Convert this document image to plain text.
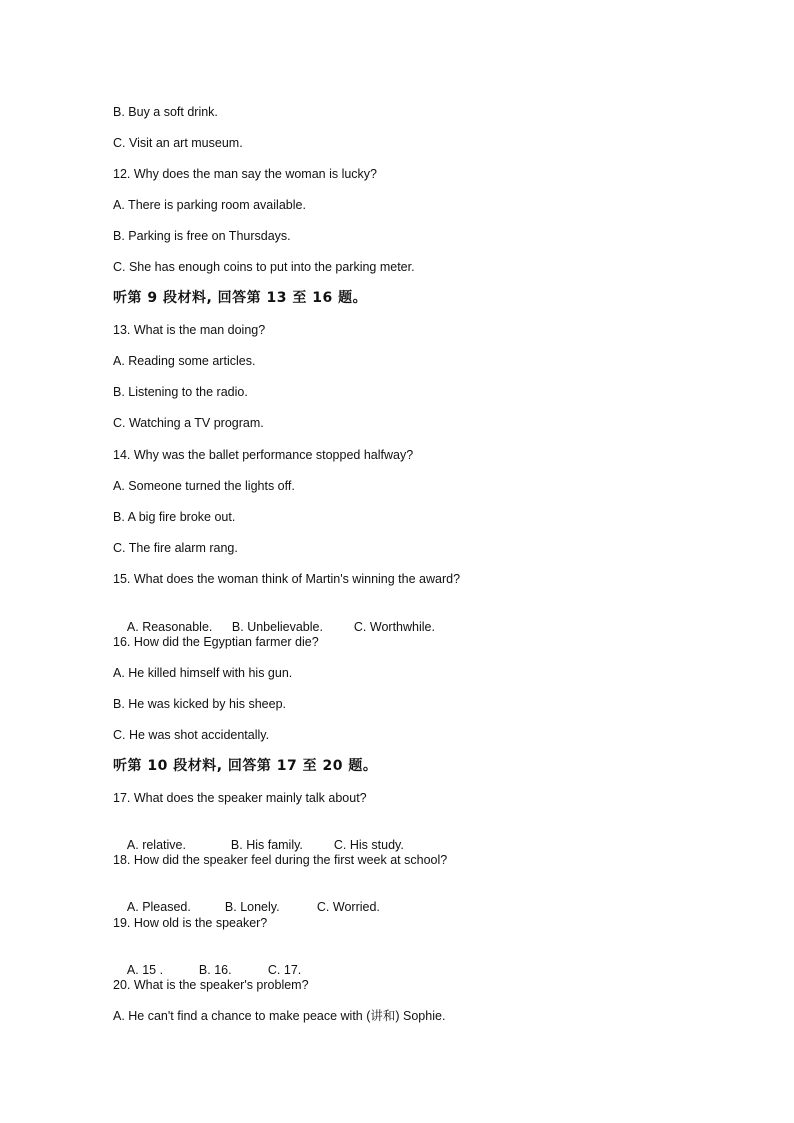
B. Buy a soft drink.
C. Visit an art museum.
12. Why does the man say the woman is lucky?
A. There is parking room available.
B. Parking is free on Thursdays.
C. She has enough coins to put into the parking meter.
听第 9 段材料, 回答第 13 至 16 题。
13. What is the man doing?
A. Reading some articles.
B. Listening to the radio.
C. Watching a TV program.
14. Why was the ballet performance stopped halfway?
A. Someone turned the lights off.
B. A big fire broke out.
C. The fire alarm rang.
15. What does the woman think of Martin's winning the award?

A. Reasonable. B. Unbelievable. C. Worthwhile.

16. How did the Egyptian farmer die?
A. He killed himself with his gun.
B. He was kicked by his sheep.
C. He was shot accidentally.
听第 10 段材料, 回答第 17 至 20 题。
17. What does the speaker mainly talk about?

A. relative.	B. His family. C. His study.

18. How did the speaker feel during the first week at school?

A. Pleased.	B. Lonely.	C. Worried.

19. How old is the speaker?

A. 15 .	B. 16.	C. 17.

20. What is the speaker's problem?
A. He can't find a chance to make peace with (讲和) Sophie.
